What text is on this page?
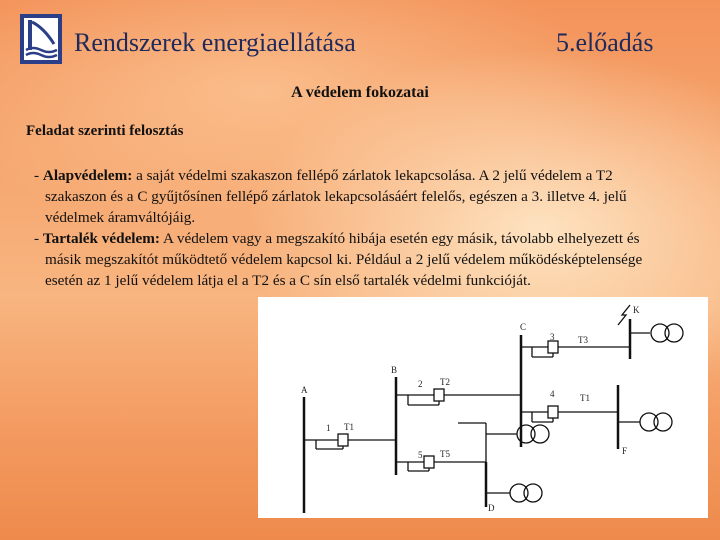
Rendszerek energiaellátása	5.előadás
A védelem fokozatai
Feladat szerinti felosztás

- Alapvédelem: a saját védelmi szakaszon fellépő zárlatok lekapcsolása. A 2 jelű védelem a T2 szakaszon és a C gyűjtősínen fellépő zárlatok lekapcsolásáért felelős, egészen a 3. illetve 4. jelű védelmek áramváltójáig.

- Tartalék védelem: A védelem vagy a megszakító hibája esetén egy másik, távolabb elhelyezett és másik megszakítót működtető védelem kapcsol ki. Például a 2 jelű védelem működésképtelensége esetén az 1 jelű védelem látja el a T2 és a C sín első tartalék védelmi funkcióját.

A
B
C
D
F
K
1
2
3
4
5
T1
T2
T3
T1
T5
